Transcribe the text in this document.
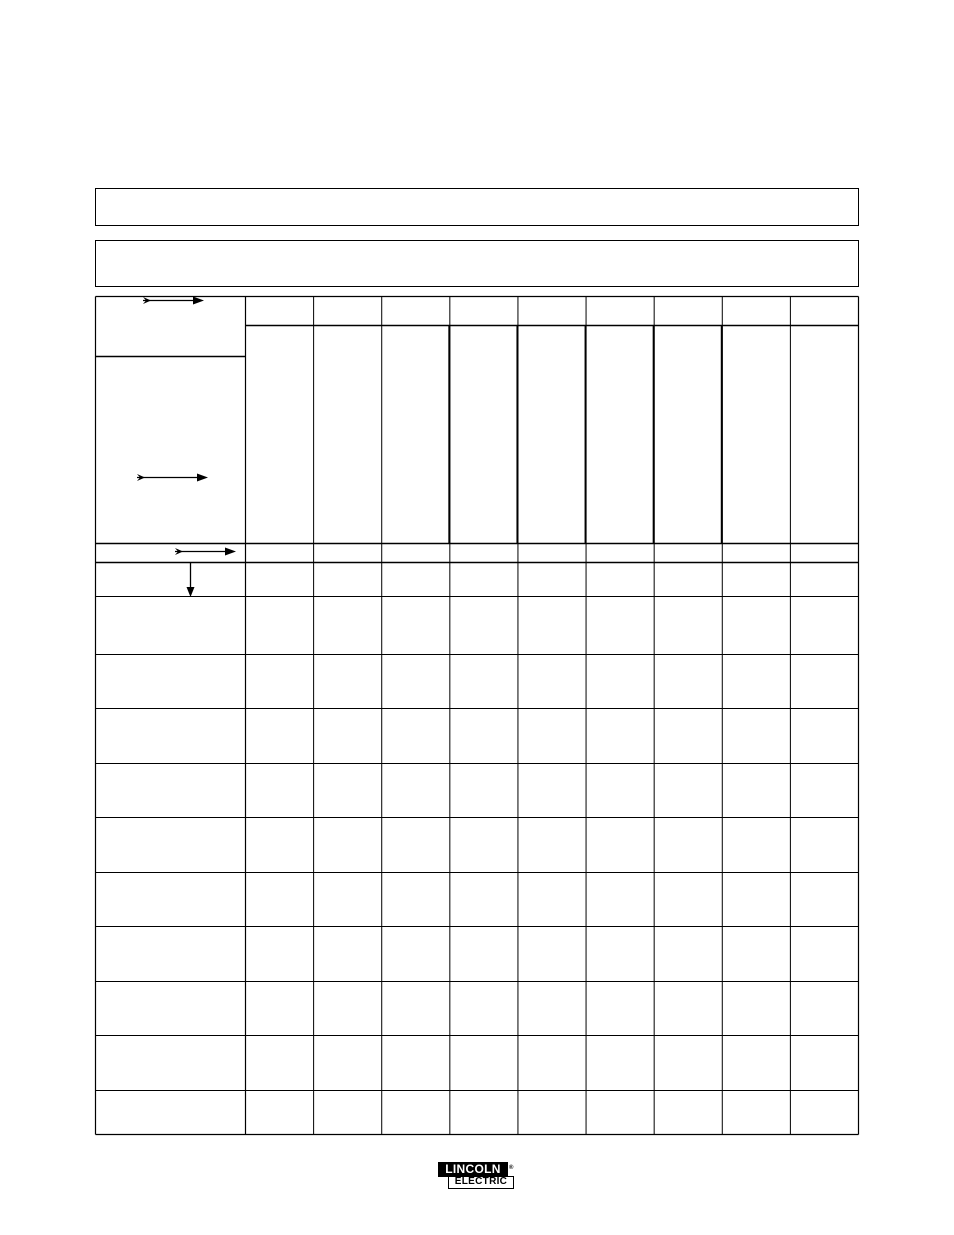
LINCOLN	®
ELECTRIC
